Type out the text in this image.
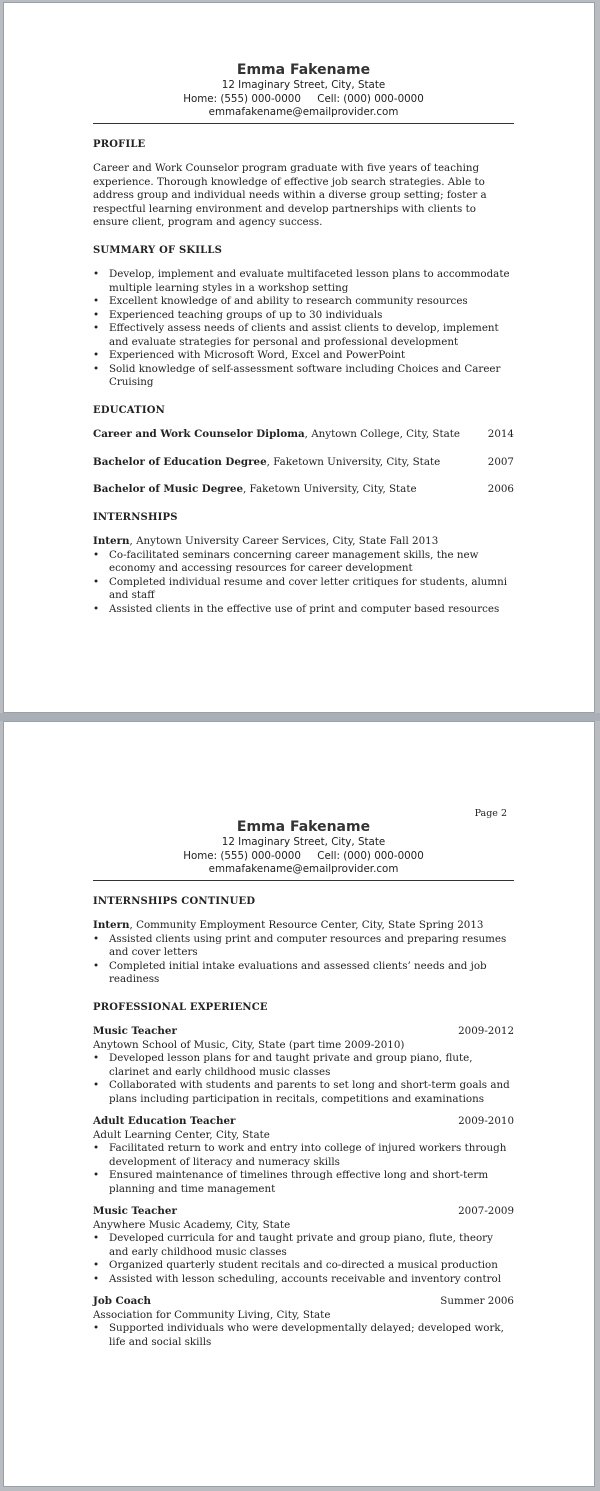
Emma Fakename
12 Imaginary Street, City, State
Home: (555) 000-0000     Cell: (000) 000-0000
emmafakename@emailprovider.com
PROFILE

Career and Work Counselor program graduate with five years of teaching experience. Thorough knowledge of effective job search strategies. Able to address group and individual needs within a diverse group setting; foster a respectful learning environment and develop partnerships with clients to ensure client, program and agency success.

SUMMARY OF SKILLS
• Develop, implement and evaluate multifaceted lesson plans to accommodate multiple learning styles in a workshop setting
• Excellent knowledge of and ability to research community resources
• Experienced teaching groups of up to 30 individuals
• Effectively assess needs of clients and assist clients to develop, implement and evaluate strategies for personal and professional development
• Experienced with Microsoft Word, Excel and PowerPoint
• Solid knowledge of self-assessment software including Choices and Career Cruising
EDUCATION
Career and Work Counselor Diploma, Anytown College, City, State	2014
Bachelor of Education Degree, Faketown University, City, State	2007
Bachelor of Music Degree, Faketown University, City, State	2006
INTERNSHIPS
Intern, Anytown University Career Services, City, State Fall 2013
• Co-facilitated seminars concerning career management skills, the new economy and accessing resources for career development
• Completed individual resume and cover letter critiques for students, alumni and staff
• Assisted clients in the effective use of print and computer based resources
Page 2
Emma Fakename
12 Imaginary Street, City, State
Home: (555) 000-0000     Cell: (000) 000-0000
emmafakename@emailprovider.com
INTERNSHIPS CONTINUED
Intern, Community Employment Resource Center, City, State Spring 2013
• Assisted clients using print and computer resources and preparing resumes and cover letters
• Completed initial intake evaluations and assessed clients’ needs and job readiness
PROFESSIONAL EXPERIENCE
Music Teacher	2009-2012
Anytown School of Music, City, State (part time 2009-2010)
• Developed lesson plans for and taught private and group piano, flute, clarinet and early childhood music classes
• Collaborated with students and parents to set long and short-term goals and plans including participation in recitals, competitions and examinations
Adult Education Teacher	2009-2010
Adult Learning Center, City, State
• Facilitated return to work and entry into college of injured workers through development of literacy and numeracy skills
• Ensured maintenance of timelines through effective long and short-term planning and time management
Music Teacher	2007-2009
Anywhere Music Academy, City, State
• Developed curricula for and taught private and group piano, flute, theory and early childhood music classes
• Organized quarterly student recitals and co-directed a musical production
• Assisted with lesson scheduling, accounts receivable and inventory control
Job Coach	Summer 2006
Association for Community Living, City, State
• Supported individuals who were developmentally delayed; developed work, life and social skills
